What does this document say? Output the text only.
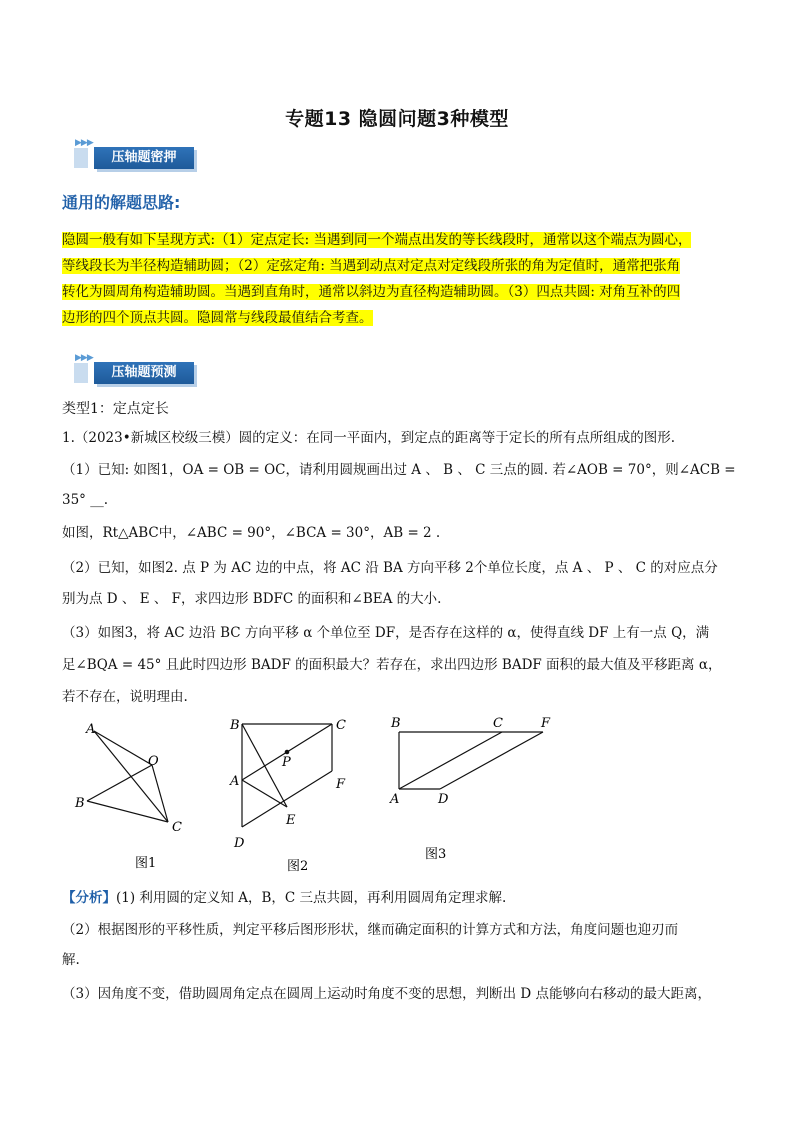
专题13 隐圆问题3种模型
▶▶▶
压轴题密押
通用的解题思路:
隐圆一般有如下呈现方式:（1）定点定长: 当遇到同一个端点出发的等长线段时，通常以这个端点为圆心，
等线段长为半径构造辅助圆；（2）定弦定角: 当遇到动点对定点对定线段所张的角为定值时，通常把张角
转化为圆周角构造辅助圆。当遇到直角时，通常以斜边为直径构造辅助圆。（3）四点共圆: 对角互补的四
边形的四个顶点共圆。隐圆常与线段最值结合考查。
▶▶▶
压轴题预测
类型1：定点定长
1.（2023•新城区校级三模）圆的定义：在同一平面内，到定点的距离等于定长的所有点所组成的图形.
（1）已知: 如图1，OA = OB = OC，请利用圆规画出过 A 、 B 、 C 三点的圆. 若∠AOB = 70°，则∠ACB =
35° __.
如图，Rt△ABC中，∠ABC = 90°，∠BCA = 30°，AB = 2 .
（2）已知，如图2. 点 P 为 AC 边的中点，将 AC 沿 BA 方向平移 2个单位长度，点 A 、 P 、 C 的对应点分
别为点 D 、 E 、 F，求四边形 BDFC 的面积和∠BEA 的大小.
（3）如图3，将 AC 边沿 BC 方向平移 α 个单位至 DF，是否存在这样的 α，使得直线 DF 上有一点 Q，满
足∠BQA = 45° 且此时四边形 BADF 的面积最大？若存在，求出四边形 BADF 面积的最大值及平移距离 α，
若不存在，说明理由.
A
O
B
C
图1
B	C
P
A	F
E
D
图2
B	C	F
A	D
图3
【分析】(1) 利用圆的定义知 A，B，C 三点共圆，再利用圆周角定理求解.
（2）根据图形的平移性质，判定平移后图形形状，继而确定面积的计算方式和方法，角度问题也迎刃而
解.
（3）因角度不变，借助圆周角定点在圆周上运动时角度不变的思想，判断出 D 点能够向右移动的最大距离，
